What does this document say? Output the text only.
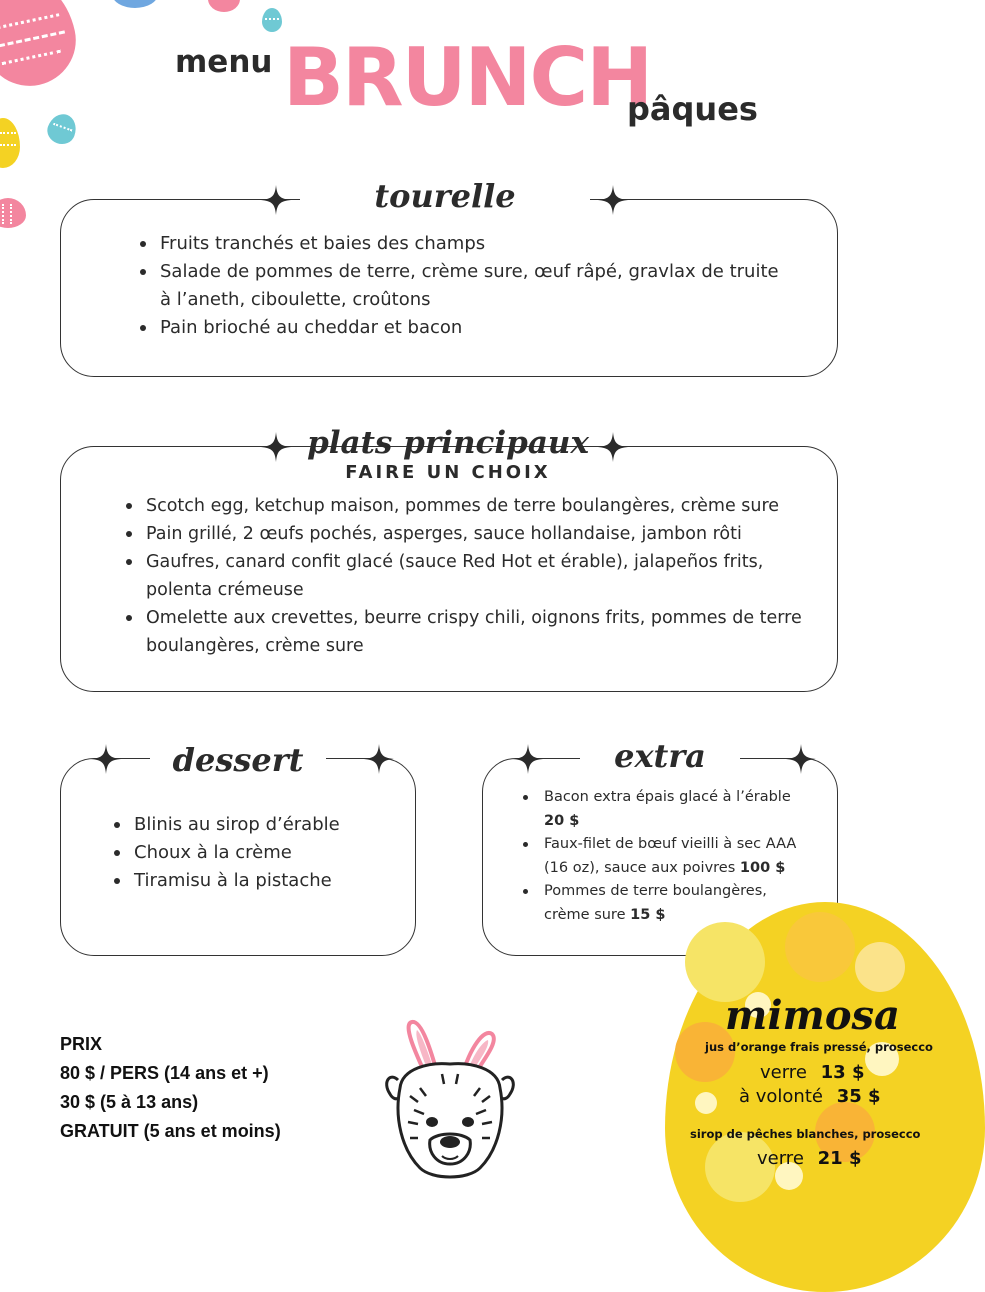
menu BRUNCH
pâques
tourelle
Fruits tranchés et baies des champs
Salade de pommes de terre, crème sure, œuf râpé, gravlax de truite à l’aneth, ciboulette, croûtons
Pain brioché au cheddar et bacon
plats principaux
FAIRE UN CHOIX
Scotch egg, ketchup maison, pommes de terre boulangères, crème sure
Pain grillé, 2 œufs pochés, asperges, sauce hollandaise, jambon rôti
Gaufres, canard confit glacé (sauce Red Hot et érable), jalapeños frits, polenta crémeuse
Omelette aux crevettes, beurre crispy chili, oignons frits, pommes de terre boulangères, crème sure
dessert
Blinis au sirop d’érable
Choux à la crème
Tiramisu à la pistache
extra
Bacon extra épais glacé à l’érable
20 $
Faux-filet de bœuf vieilli à sec AAA (16 oz), sauce aux poivres 100 $
Pommes de terre boulangères, crème sure 15 $
PRIX
80 $ / PERS (14 ans et +)
30 $ (5 à 13 ans)
GRATUIT (5 ans et moins)
mimosa
jus d’orange frais pressé, prosecco
verre 13 $
à volonté 35 $
sirop de pêches blanches, prosecco
verre 21 $
